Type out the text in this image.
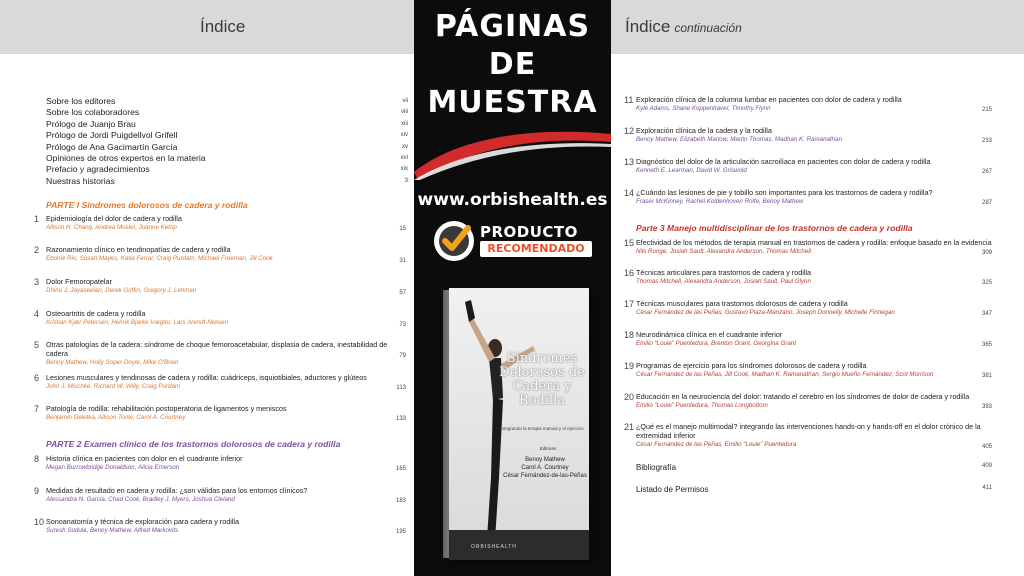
Índice
Sobre los editores	vii
Sobre los colaboradores	viii
Prólogo de Juanjo Brau	xiii
Prólogo de Jordi Puigdellvol Grifell	xiv
Prólogo de Ana Gacimartín García	xv
Opiniones de otros expertos en la materia	xvi
Prefacio y agradecimientos	xix
Nuestras historias	3
PARTE I Síndromes dolorosos de cadera y rodilla
1 Epidemiología del dolor de cadera y rodilla
Allison H. Chang, Andrea Mosler, Joanne Kemp	15
2 Razonamiento clínico en tendinopatías de cadera y rodilla
Ebonie Rio, Susan Mayes, Katia Ferrar, Craig Purdam, Michael Freeman, Jill Cook	31
3 Dolor Femoropatelar
Dhinu J. Jayaseelan, Derek Griffin, Gregory J. Lehman	57
4 Osteoartritis de cadera y rodilla
Kristian Kjær Petersen, Henrik Bjarke Vægter, Lars Arendt-Nielsen	73
5 Otras patologías de la cadera: síndrome de choque femoroacetabular, displasia de cadera, inestabilidad de cadera
Benoy Mathew, Holly Soper-Doyle, Mike O'Brien
79
6 Lesiones musculares y tendinosas de cadera y rodilla: cuádriceps, isquiotibiales, aductores y glúteos
John J. Mischke, Richard W. Willy, Craig Purdam	113
7 Patología de rodilla: rehabilitación postoperatoria de ligamentos y meniscos
Benjamin Geletka, Allison Toole, Carol A. Courtney	133
PARTE 2 Examen clínico de los trastornos dolorosos de cadera y rodilla
8 Historia clínica en pacientes con dolor en el cuadrante inferior
Megan Burrowbridge Donaldson, Alicia Emerson	165
9 Medidas de resultado en cadera y rodilla: ¿son válidas para los entornos clínicos?
Alessandra N. Garcia, Chad Cook, Bradley J. Myers, Joshua Cleland	183
10 Sonoanatomía y técnica de exploración para cadera y rodilla
Suresh Sudula, Benoy Mathew, Alfred Markovits	195
PÁGINAS
DE
MUESTRA
www.orbishealth.es
PRODUCTO
RECOMENDADO
Síndromes Dolorosos de Cadera y Rodilla
Integrando la terapia manual y el ejercicio
Editores
Benoy Mathew
Carol A. Courtney
César Fernández-de-las-Peñas
ORBISHEALTH
Índice continuación
11 Exploración clínica de la columna lumbar en pacientes con dolor de cadera y rodilla
Kyle Adams, Shane Koppenhaver, Timothy Flynn	215
12 Exploración clínica de la cadera y la rodilla
Benoy Mathew, Elizabeth Marlow, Martin Thomas, Madhan K. Ramanathan	233
13 Diagnóstico del dolor de la articulación sacroilíaca en pacientes con dolor de cadera y rodilla
Kenneth E. Learman, David W. Griswold	267
14 ¿Cuándo las lesiones de pie y tobillo son importantes para los trastornos de cadera y rodilla?
Fraser McKinney, Rachel Koldenhoven Rolfe, Benoy Mathew	287
Parte 3 Manejo multidisciplinar de los trastornos de cadera y rodilla
15 Efectividad de los métodos de terapia manual en trastornos de cadera y rodilla: enfoque basado en la evidencia
Nils Runge, Josiah Sault, Alexandra Anderson, Thomas Mitchell	309
16 Técnicas articulares para trastornos de cadera y rodilla
Thomas Mitchell, Alexandra Anderson, Josiah Sault, Paul Glynn	325
17 Técnicas musculares para trastornos dolorosos de cadera y rodilla
César Fernández de las Peñas, Gustavo Plaza-Manzano, Joseph Donnelly, Michelle Finnegan	347
18 Neurodinámica clínica en el cuadrante inferior
Emilio “Louie” Puentedura, Brenton Grant, Georgina Grant	365
19 Programas de ejercicio para los síndromes dolorosos de cadera y rodilla
César Fernández de las Peñas, Jill Cook, Madhan K. Ramanathan, Sergio Mueño Fernández, Scot Morrison	381
20 Educación en la neurociencia del dolor: tratando el cerebro en los síndromes de dolor de cadera y rodilla
Emilio “Louie” Puentedura, Thomas Longbottom	393
21 ¿Qué es el manejo multimodal? integrando las intervenciones hands-on y hands-off en el dolor crónico de la extremidad inferior
César Fernández de las Peñas, Emilio “Louie” Puentedura	405
Bibliografía	409
Listado de Permisos	411
